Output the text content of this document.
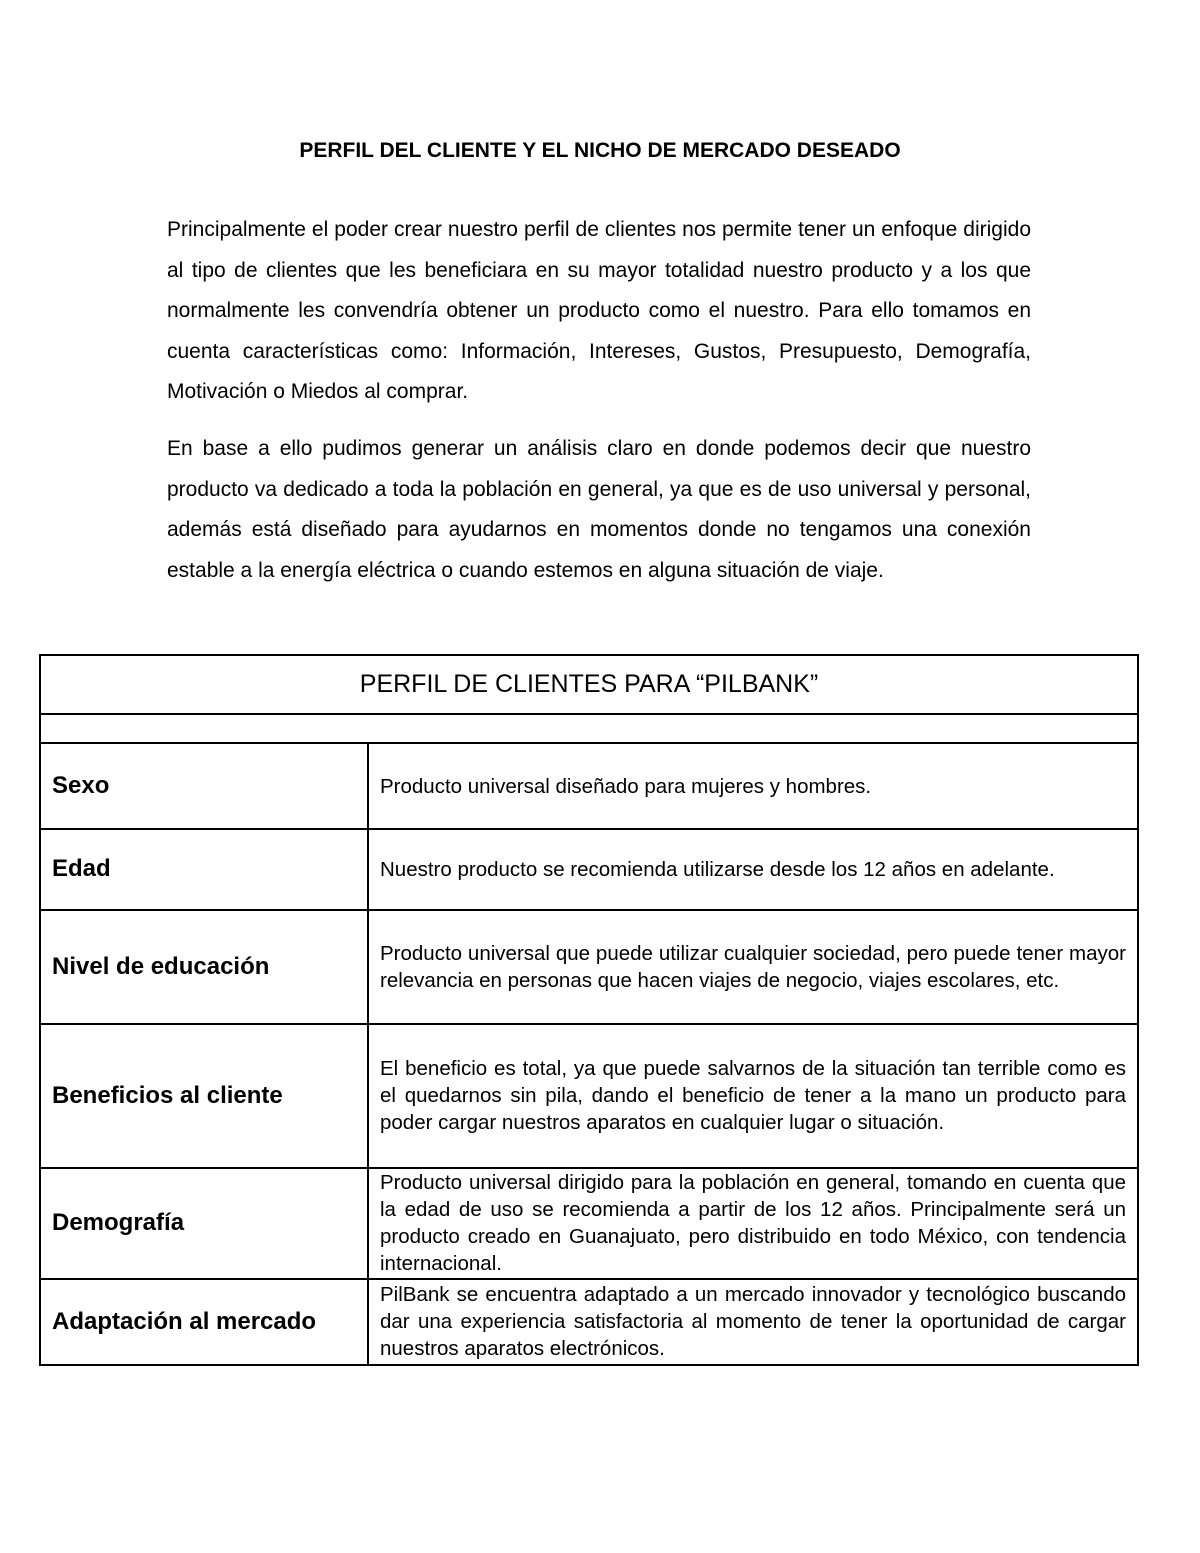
PERFIL DEL CLIENTE Y EL NICHO DE MERCADO DESEADO

Principalmente el poder crear nuestro perfil de clientes nos permite tener un enfoque dirigido al tipo de clientes que les beneficiara en su mayor totalidad nuestro producto y a los que normalmente les convendría obtener un producto como el nuestro. Para ello tomamos en cuenta características como: Información, Intereses, Gustos, Presupuesto, Demografía, Motivación o Miedos al comprar.

En base a ello pudimos generar un análisis claro en donde podemos decir que nuestro producto va dedicado a toda la población en general, ya que es de uso universal y personal, además está diseñado para ayudarnos en momentos donde no tengamos una conexión estable a la energía eléctrica o cuando estemos en alguna situación de viaje.

PERFIL DE CLIENTES PARA “PILBANK”	

Sexo	Producto universal diseñado para mujeres y hombres.
Edad	Nuestro producto se recomienda utilizarse desde los 12 años en adelante.
Nivel de educación	Producto universal que puede utilizar cualquier sociedad, pero puede tener mayor relevancia en personas que hacen viajes de negocio, viajes escolares, etc.
Beneficios al cliente	El beneficio es total, ya que puede salvarnos de la situación tan terrible como es el quedarnos sin pila, dando el beneficio de tener a la mano un producto para poder cargar nuestros aparatos en cualquier lugar o situación.
Demografía	Producto universal dirigido para la población en general, tomando en cuenta que la edad de uso se recomienda a partir de los 12 años. Principalmente será un producto creado en Guanajuato, pero distribuido en todo México, con tendencia internacional.
Adaptación al mercado	PilBank se encuentra adaptado a un mercado innovador y tecnológico buscando dar una experiencia satisfactoria al momento de tener la oportunidad de cargar nuestros aparatos electrónicos.
